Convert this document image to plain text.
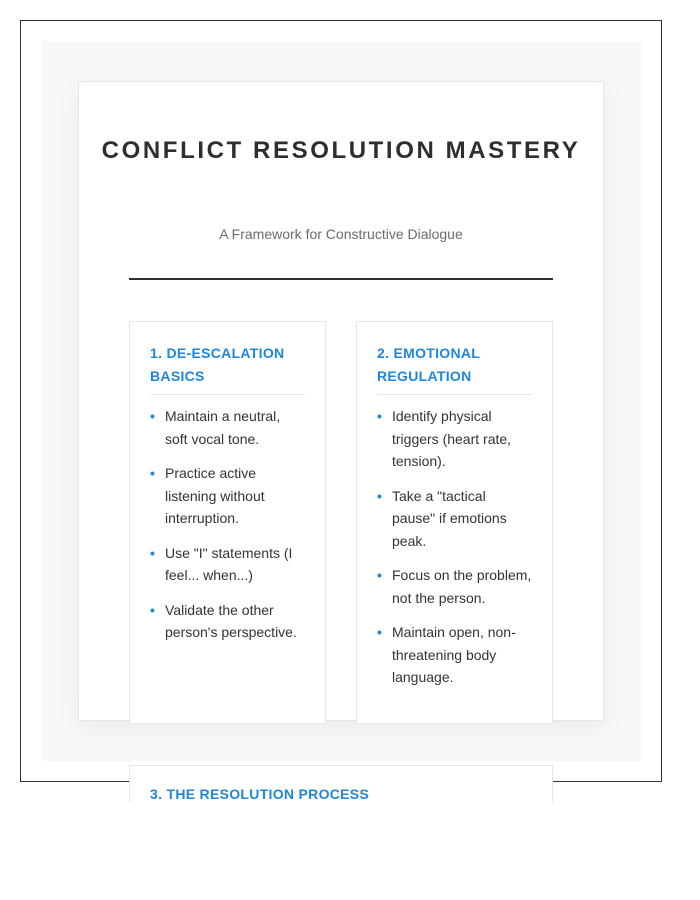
CONFLICT RESOLUTION MASTERY
A Framework for Constructive Dialogue
1. DE-ESCALATION BASICS
• Maintain a neutral, soft vocal tone.
• Practice active listening without interruption.
• Use "I" statements (I feel... when...)
• Validate the other person's perspective.
2. EMOTIONAL REGULATION
• Identify physical triggers (heart rate, tension).
• Take a "tactical pause" if emotions peak.
• Focus on the problem, not the person.
• Maintain open, non-threatening body language.
3. THE RESOLUTION PROCESS
